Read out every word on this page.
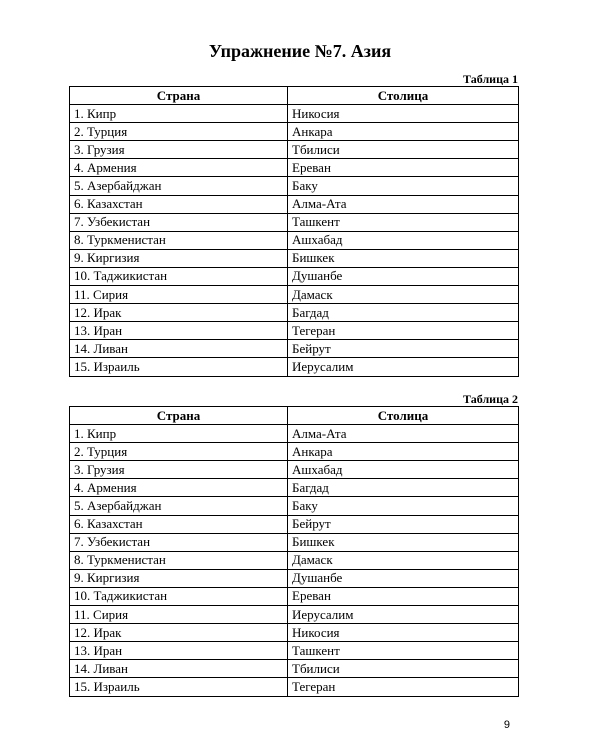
Упражнение №7. Азия
Таблица 1
Страна	Столица
1. Кипр	Никосия
2. Турция	Анкара
3. Грузия	Тбилиси
4. Армения	Ереван
5. Азербайджан	Баку
6. Казахстан	Алма-Ата
7. Узбекистан	Ташкент
8. Туркменистан	Ашхабад
9. Киргизия	Бишкек
10. Таджикистан	Душанбе
11. Сирия	Дамаск
12. Ирак	Багдад
13. Иран	Тегеран
14. Ливан	Бейрут
15. Израиль	Иерусалим
Таблица 2
Страна	Столица
1. Кипр	Алма-Ата
2. Турция	Анкара
3. Грузия	Ашхабад
4. Армения	Багдад
5. Азербайджан	Баку
6. Казахстан	Бейрут
7. Узбекистан	Бишкек
8. Туркменистан	Дамаск
9. Киргизия	Душанбе
10. Таджикистан	Ереван
11. Сирия	Иерусалим
12. Ирак	Никосия
13. Иран	Ташкент
14. Ливан	Тбилиси
15. Израиль	Тегеран
9
